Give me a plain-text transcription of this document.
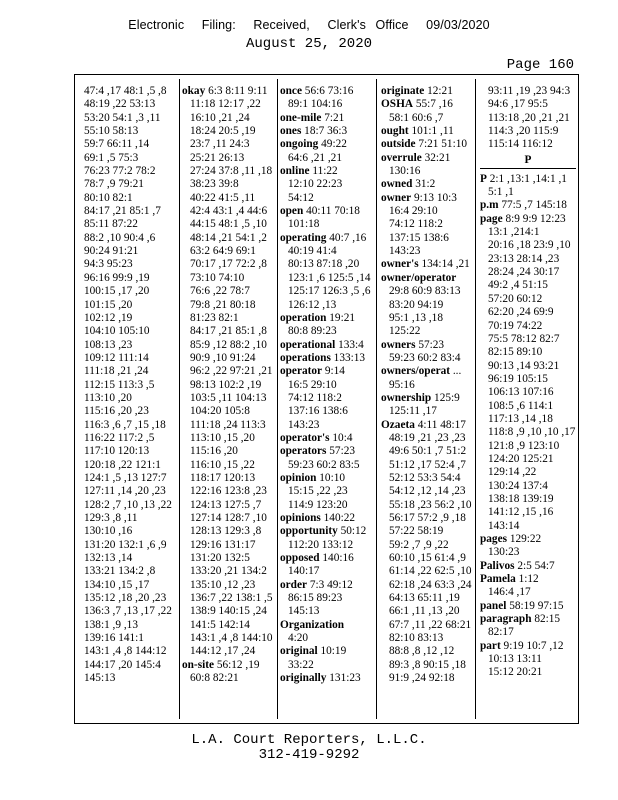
Electronic Filing: Received, Clerk's Office 09/03/2020
August 25, 2020
Page 160
47:4 ,17 48:1 ,5 ,8
48:19 ,22 53:13
53:20 54:1 ,3 ,11
55:10 58:13
59:7 66:11 ,14
69:1 ,5 75:3
76:23 77:2 78:2
78:7 ,9 79:21
80:10 82:1
84:17 ,21 85:1 ,7
85:11 87:22
88:2 ,10 90:4 ,6
90:24 91:21
94:3 95:23
96:16 99:9 ,19
100:15 ,17 ,20
101:15 ,20
102:12 ,19
104:10 105:10
108:13 ,23
109:12 111:14
111:18 ,21 ,24
112:15 113:3 ,5
113:10 ,20
115:16 ,20 ,23
116:3 ,6 ,7 ,15 ,18
116:22 117:2 ,5
117:10 120:13
120:18 ,22 121:1
124:1 ,5 ,13 127:7
127:11 ,14 ,20 ,23
128:2 ,7 ,10 ,13 ,22
129:3 ,8 ,11
130:10 ,16
131:20 132:1 ,6 ,9
132:13 ,14
133:21 134:2 ,8
134:10 ,15 ,17
135:12 ,18 ,20 ,23
136:3 ,7 ,13 ,17 ,22
138:1 ,9 ,13
139:16 141:1
143:1 ,4 ,8 144:12
144:17 ,20 145:4
145:13
okay 6:3 8:11 9:11
11:18 12:17 ,22
16:10 ,21 ,24
18:24 20:5 ,19
23:7 ,11 24:3
25:21 26:13
27:24 37:8 ,11 ,18
38:23 39:8
40:22 41:5 ,11
42:4 43:1 ,4 44:6
44:15 48:1 ,5 ,10
48:14 ,21 54:1 ,2
63:2 64:9 69:1
70:17 ,17 72:2 ,8
73:10 74:10
76:6 ,22 78:7
79:8 ,21 80:18
81:23 82:1
84:17 ,21 85:1 ,8
85:9 ,12 88:2 ,10
90:9 ,10 91:24
96:2 ,22 97:21 ,21
98:13 102:2 ,19
103:5 ,11 104:13
104:20 105:8
111:18 ,24 113:3
113:10 ,15 ,20
115:16 ,20
116:10 ,15 ,22
118:17 120:13
122:16 123:8 ,23
124:13 127:5 ,7
127:14 128:7 ,10
128:13 129:3 ,8
129:16 131:17
131:20 132:5
133:20 ,21 134:2
135:10 ,12 ,23
136:7 ,22 138:1 ,5
138:9 140:15 ,24
141:5 142:14
143:1 ,4 ,8 144:10
144:12 ,17 ,24
on-site 56:12 ,19
60:8 82:21
once 56:6 73:16
89:1 104:16
one-mile 7:21
ones 18:7 36:3
ongoing 49:22
64:6 ,21 ,21
online 11:22
12:10 22:23
54:12
open 40:11 70:18
101:18
operating 40:7 ,16
40:19 41:4
80:13 87:18 ,20
123:1 ,6 125:5 ,14
125:17 126:3 ,5 ,6
126:12 ,13
operation 19:21
80:8 89:23
operational 133:4
operations 133:13
operator 9:14
16:5 29:10
74:12 118:2
137:16 138:6
143:23
operator's 10:4
operators 57:23
59:23 60:2 83:5
opinion 10:10
15:15 ,22 ,23
114:9 123:20
opinions 140:22
opportunity 50:12
112:20 133:12
opposed 140:16
140:17
order 7:3 49:12
86:15 89:23
145:13
Organization
4:20
original 10:19
33:22
originally 131:23
originate 12:21
OSHA 55:7 ,16
58:1 60:6 ,7
ought 101:1 ,11
outside 7:21 51:10
overrule 32:21
130:16
owned 31:2
owner 9:13 10:3
16:4 29:10
74:12 118:2
137:15 138:6
143:23
owner's 134:14 ,21
owner/operator
29:8 60:9 83:13
83:20 94:19
95:1 ,13 ,18
125:22
owners 57:23
59:23 60:2 83:4
owners/operat ...
95:16
ownership 125:9
125:11 ,17
Ozaeta 4:11 48:17
48:19 ,21 ,23 ,23
49:6 50:1 ,7 51:2
51:12 ,17 52:4 ,7
52:12 53:3 54:4
54:12 ,12 ,14 ,23
55:18 ,23 56:2 ,10
56:17 57:2 ,9 ,18
57:22 58:19
59:2 ,7 ,9 ,22
60:10 ,15 61:4 ,9
61:14 ,22 62:5 ,10
62:18 ,24 63:3 ,24
64:13 65:11 ,19
66:1 ,11 ,13 ,20
67:7 ,11 ,22 68:21
82:10 83:13
88:8 ,8 ,12 ,12
89:3 ,8 90:15 ,18
91:9 ,24 92:18
93:11 ,19 ,23 94:3
94:6 ,17 95:5
113:18 ,20 ,21 ,21
114:3 ,20 115:9
115:14 116:12
P
P 2:1 ,13:1 ,14:1 ,1
5:1 ,1
p.m 77:5 ,7 145:18
page 8:9 9:9 12:23
13:1 ,214:1
20:16 ,18 23:9 ,10
23:13 28:14 ,23
28:24 ,24 30:17
49:2 ,4 51:15
57:20 60:12
62:20 ,24 69:9
70:19 74:22
75:5 78:12 82:7
82:15 89:10
90:13 ,14 93:21
96:19 105:15
106:13 107:16
108:5 ,6 114:1
117:13 ,14 ,18
118:8 ,9 ,10 ,10 ,17
121:8 ,9 123:10
124:20 125:21
129:14 ,22
130:24 137:4
138:18 139:19
141:12 ,15 ,16
143:14
pages 129:22
130:23
Palivos 2:5 54:7
Pamela 1:12
146:4 ,17
panel 58:19 97:15
paragraph 82:15
82:17
part 9:19 10:7 ,12
10:13 13:11
15:12 20:21
L.A. Court Reporters, L.L.C.
312-419-9292
